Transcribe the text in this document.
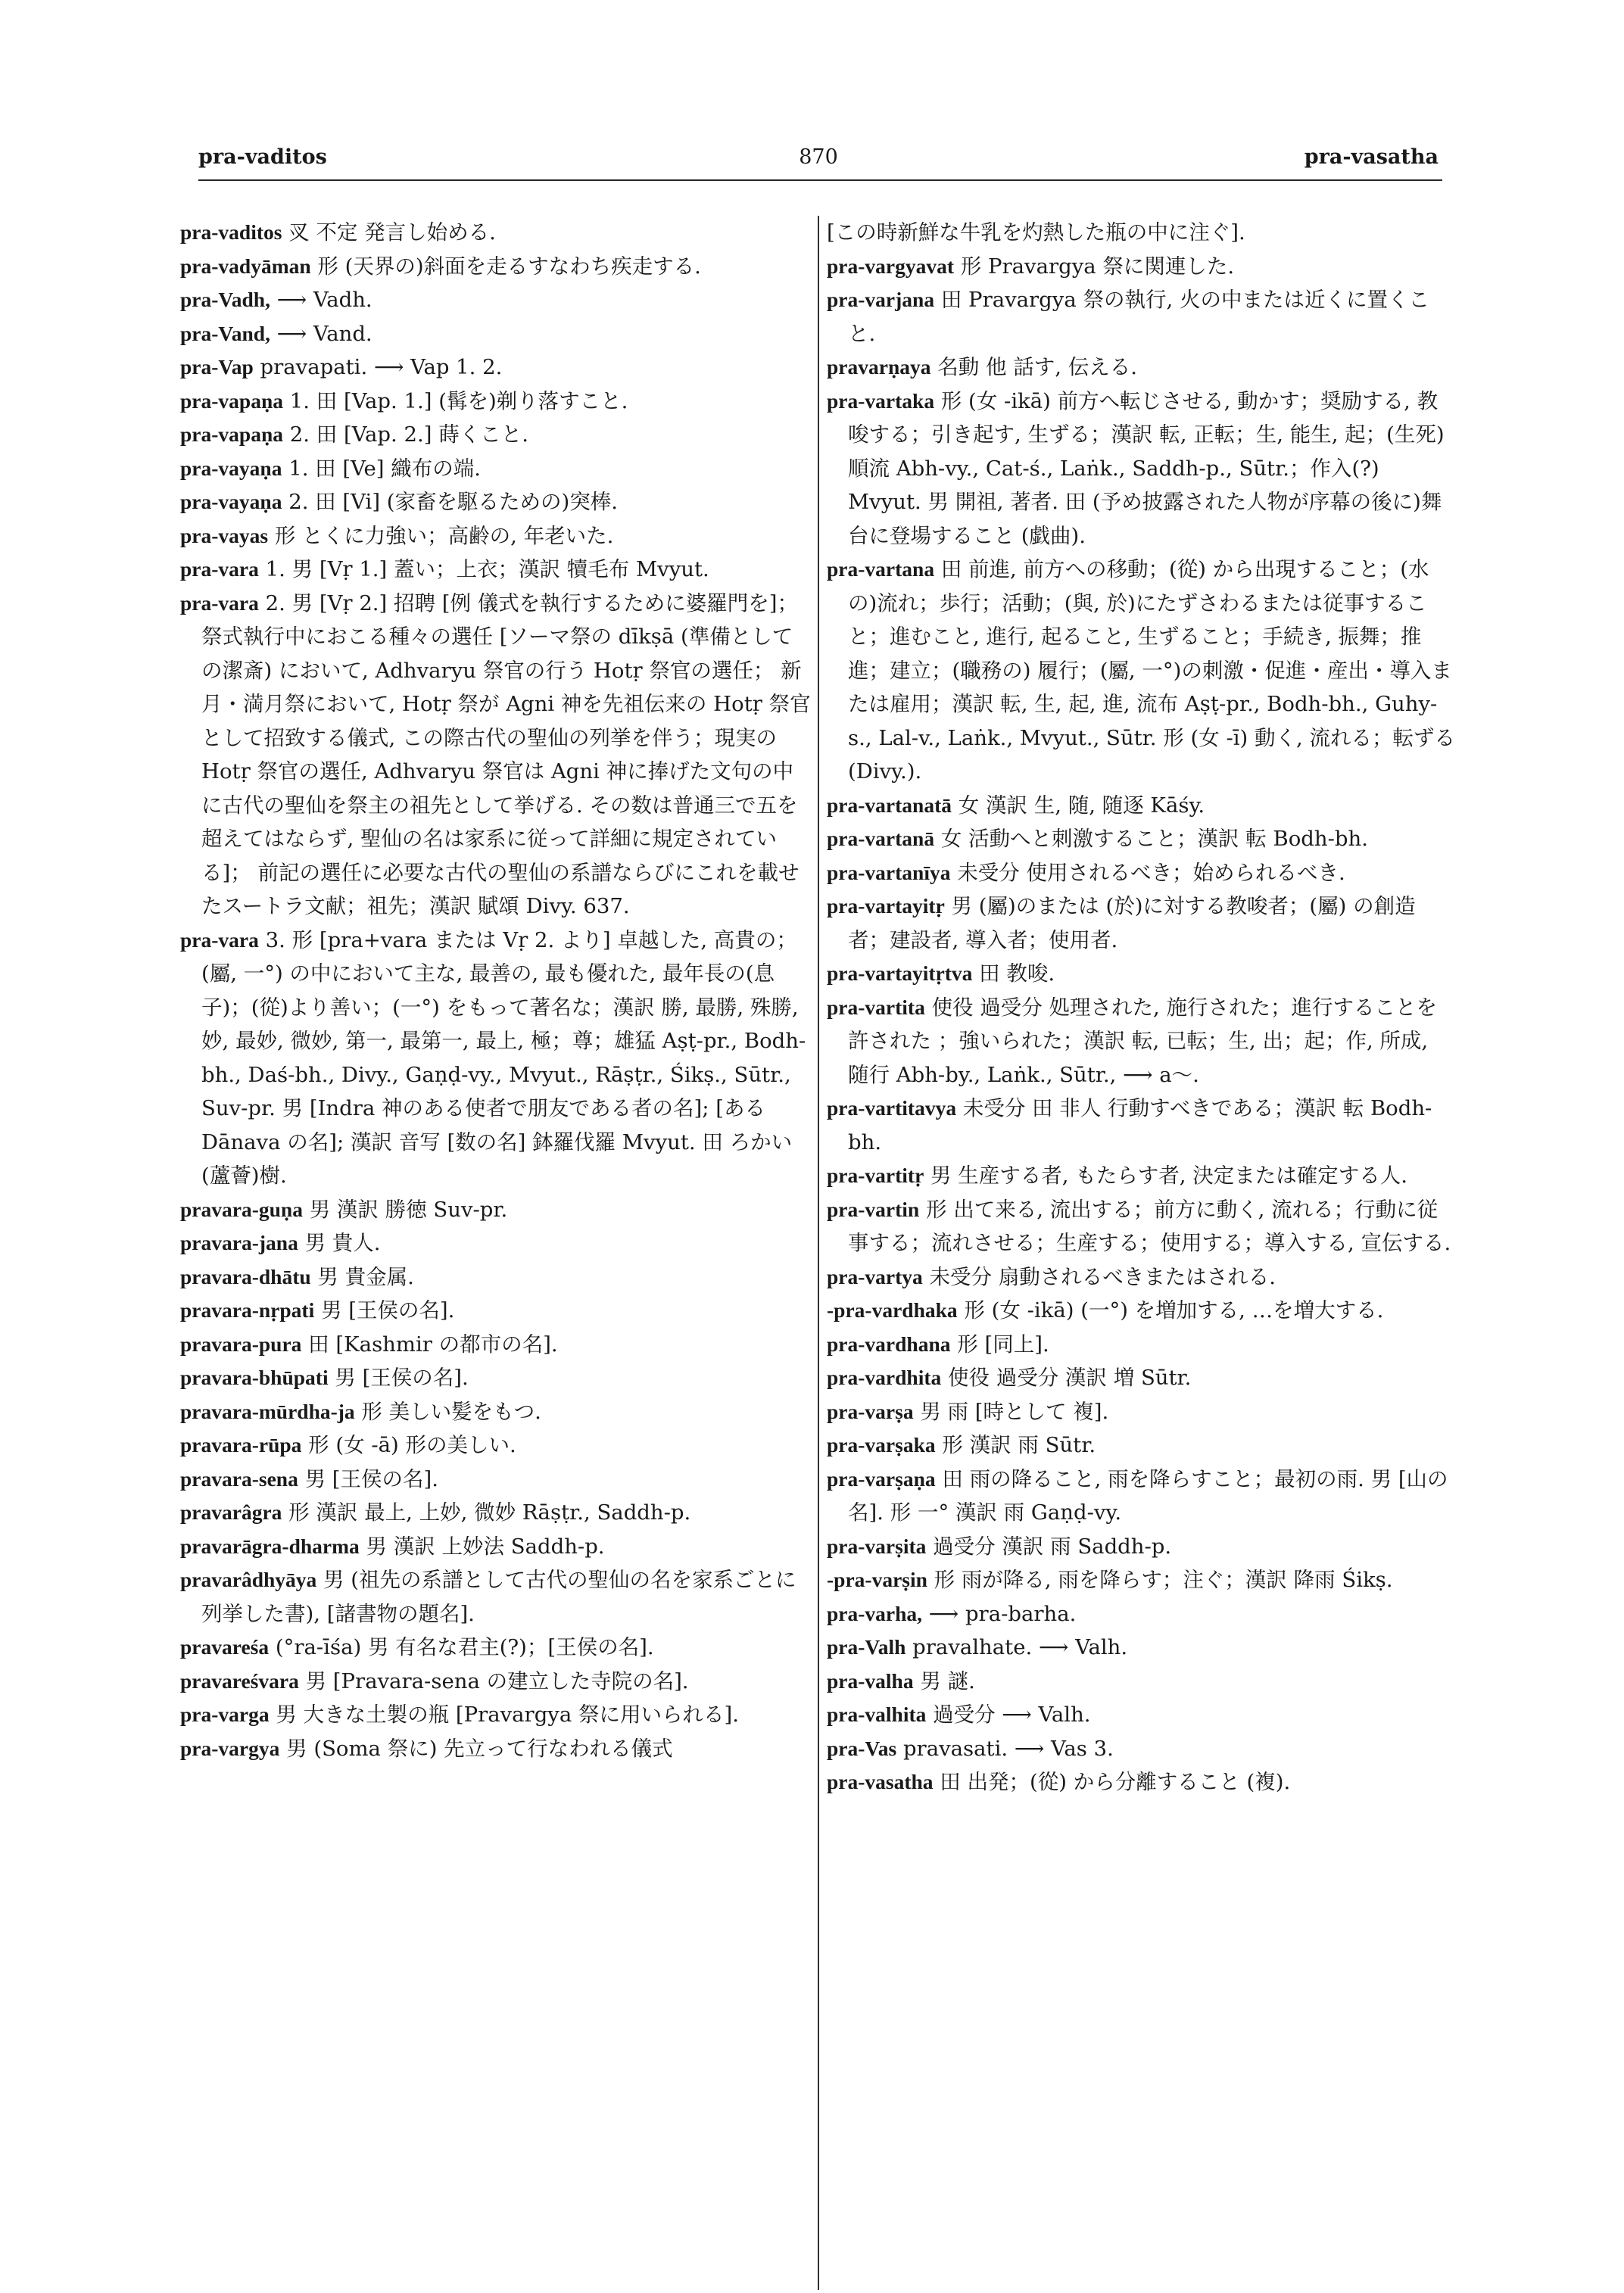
pra-vaditos	870	pra-vasatha

pra-vaditos 㕚 不定 発言し始める.

pra-vadyāman 形 (天界の)斜面を走るすなわち疾走する.

pra-Vadh, ⟶ Vadh.

pra-Vand, ⟶ Vand.

pra-Vap pravapati. ⟶ Vap 1. 2.

pra-vapaṇa 1. 田 [Vap. 1.] (髯を)剃り落すこと.

pra-vapaṇa 2. 田 [Vap. 2.] 蒔くこと.

pra-vayaṇa 1. 田 [Ve] 織布の端.

pra-vayaṇa 2. 田 [Vi] (家畜を駆るための)突棒.

pra-vayas 形 とくに力強い；高齢の, 年老いた.

pra-vara 1. 男 [Vṛ 1.] 蓋い；上衣；漢訳 犢毛布 Mvyut.

pra-vara 2. 男 [Vṛ 2.] 招聘 [例 儀式を執行するために婆羅門を]； 祭式執行中におこる種々の選任 [ソーマ祭の dīkṣā (準備としての潔斎) において, Adhvaryu 祭官の行う Hotṛ 祭官の選任； 新月・満月祭において, Hotṛ 祭が Agni 神を先祖伝来の Hotṛ 祭官として招致する儀式, この際古代の聖仙の列挙を伴う；現実の Hotṛ 祭官の選任, Adhvaryu 祭官は Agni 神に捧げた文句の中に古代の聖仙を祭主の祖先として挙げる. その数は普通三で五を超えてはならず, 聖仙の名は家系に従って詳細に規定されている]； 前記の選任に必要な古代の聖仙の系譜ならびにこれを載せたスートラ文献；祖先；漢訳 賦頌 Divy. 637.

pra-vara 3. 形 [pra+vara または Vṛ 2. より] 卓越した, 高貴の；(屬, 一°) の中において主な, 最善の, 最も優れた, 最年長の(息子)；(從)より善い；(一°) をもって著名な；漢訳 勝, 最勝, 殊勝, 妙, 最妙, 微妙, 第一, 最第一, 最上, 極；尊；雄猛 Aṣṭ-pr., Bodh-bh., Daś-bh., Divy., Gaṇḍ-vy., Mvyut., Rāṣṭr., Śikṣ., Sūtr., Suv-pr. 男 [Indra 神のある使者で朋友である者の名]; [ある Dānava の名]; 漢訳 音写 [数の名] 鉢羅伐羅 Mvyut. 田 ろかい(蘆薈)樹.

pravara-guṇa 男 漢訳 勝徳 Suv-pr.

pravara-jana 男 貴人.

pravara-dhātu 男 貴金属.

pravara-nṛpati 男 [王侯の名].

pravara-pura 田 [Kashmir の都市の名].

pravara-bhūpati 男 [王侯の名].

pravara-mūrdha-ja 形 美しい髪をもつ.

pravara-rūpa 形 (女 -ā) 形の美しい.

pravara-sena 男 [王侯の名].

pravarâgra 形 漢訳 最上, 上妙, 微妙 Rāṣṭr., Saddh-p.

pravarāgra-dharma 男 漢訳 上妙法 Saddh-p.

pravarâdhyāya 男 (祖先の系譜として古代の聖仙の名を家系ごとに列挙した書), [諸書物の題名].

pravareśa (°ra-īśa) 男 有名な君主(?)；[王侯の名].

pravareśvara 男 [Pravara-sena の建立した寺院の名].

pra-varga 男 大きな土製の瓶 [Pravargya 祭に用いられる].

pra-vargya 男 (Soma 祭に) 先立って行なわれる儀式

[この時新鮮な牛乳を灼熱した瓶の中に注ぐ].

pra-vargyavat 形 Pravargya 祭に関連した.

pra-varjana 田 Pravargya 祭の執行, 火の中または近くに置くこと.

pravarṇaya 名動 他 話す, 伝える.

pra-vartaka 形 (女 -ikā) 前方へ転じさせる, 動かす；奨励する, 教唆する；引き起す, 生ずる；漢訳 転, 正転；生, 能生, 起；(生死)順流 Abh-vy., Cat-ś., Laṅk., Saddh-p., Sūtr.；作入(?) Mvyut. 男 開祖, 著者. 田 (予め披露された人物が序幕の後に)舞台に登場すること (戯曲).

pra-vartana 田 前進, 前方への移動；(從) から出現すること；(水の)流れ；歩行；活動；(與, 於)にたずさわるまたは従事すること；進むこと, 進行, 起ること, 生ずること；手続き, 振舞；推進；建立；(職務の) 履行；(屬, 一°)の刺激・促進・産出・導入または雇用；漢訳 転, 生, 起, 進, 流布 Aṣṭ-pr., Bodh-bh., Guhy-s., Lal-v., Laṅk., Mvyut., Sūtr. 形 (女 -ī) 動く, 流れる；転ずる (Divy.).

pra-vartanatā 女 漢訳 生, 随, 随逐 Kāśy.

pra-vartanā 女 活動へと刺激すること；漢訳 転 Bodh-bh.

pra-vartanīya 未受分 使用されるべき；始められるべき.

pra-vartayitṛ 男 (屬)のまたは (於)に対する教唆者；(屬) の創造者；建設者, 導入者；使用者.

pra-vartayitṛtva 田 教唆.

pra-vartita 使役 過受分 処理された, 施行された；進行することを許された ；強いられた；漢訳 転, 已転；生, 出；起；作, 所成, 随行 Abh-by., Laṅk., Sūtr., ⟶ a～.

pra-vartitavya 未受分 田 非人 行動すべきである；漢訳 転 Bodh-bh.

pra-vartitṛ 男 生産する者, もたらす者, 決定または確定する人.

pra-vartin 形 出て来る, 流出する；前方に動く, 流れる；行動に従事する；流れさせる；生産する；使用する；導入する, 宣伝する.

pra-vartya 未受分 扇動されるべきまたはされる.

-pra-vardhaka 形 (女 -ikā) (一°) を増加する, …を増大する.

pra-vardhana 形 [同上].

pra-vardhita 使役 過受分 漢訳 増 Sūtr.

pra-varṣa 男 雨 [時として 複].

pra-varṣaka 形 漢訳 雨 Sūtr.

pra-varṣaṇa 田 雨の降ること, 雨を降らすこと；最初の雨. 男 [山の名]. 形 一° 漢訳 雨 Gaṇḍ-vy.

pra-varṣita 過受分 漢訳 雨 Saddh-p.

-pra-varṣin 形 雨が降る, 雨を降らす；注ぐ；漢訳 降雨 Śikṣ.

pra-varha, ⟶ pra-barha.

pra-Valh pravalhate. ⟶ Valh.

pra-valha 男 謎.

pra-valhita 過受分 ⟶ Valh.

pra-Vas pravasati. ⟶ Vas 3.

pra-vasatha 田 出発；(從) から分離すること (複).
